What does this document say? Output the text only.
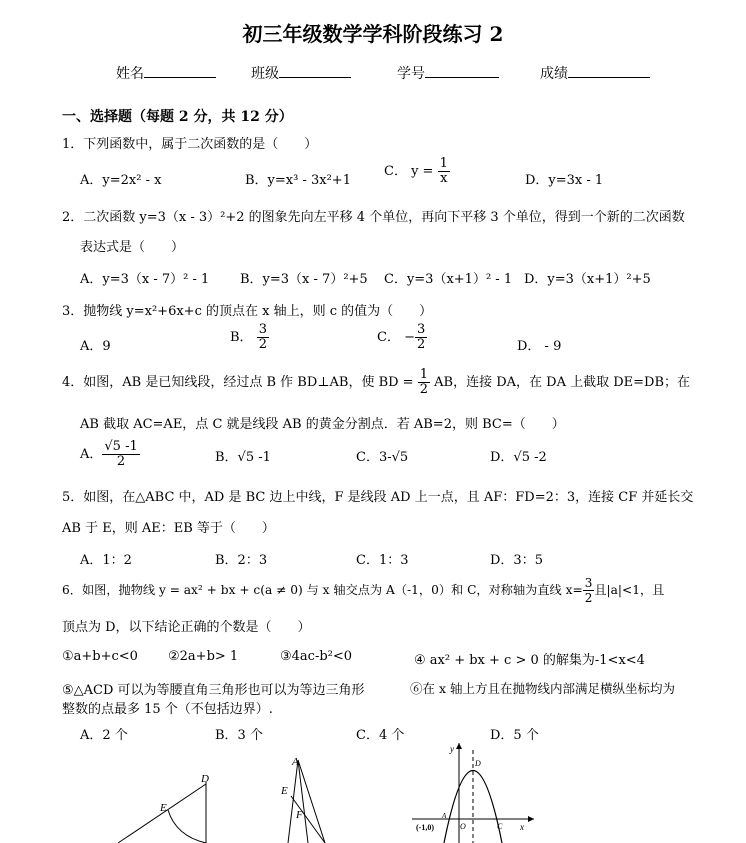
初三年级数学学科阶段练习 2
姓名	班级	学号	成绩
一、选择题（每题 2 分，共 12 分）
1．下列函数中，属于二次函数的是（　　）
A．y=2x² - x	B．y=x³ - 3x²+1
C． $y = \frac{1}{x}$	D．y=3x - 1
2．二次函数 y=3（x - 3）²+2 的图象先向左平移 4 个单位，再向下平移 3 个单位，得到一个新的二次函数
表达式是（　　）
A．y=3（x - 7）² - 1 B．y=3（x - 7）²+5 C．y=3（x+1）² - 1 D．y=3（x+1）²+5
3．抛物线 y=x²+6x+c 的顶点在 x 轴上，则 c 的值为（　　）
A．9
B． $\frac{3}{2}$	C． − $\frac{3}{2}$	D． - 9
4．如图，AB 是已知线段，经过点 B 作 BD⊥AB，使 BD = $\frac{1}{2}$ AB，连接 DA，在 DA 上截取 DE=DB；在
AB 截取 AC=AE，点 C 就是线段 AB 的黄金分割点．若 AB=2，则 BC=（　　）
A． $\frac{√5 -1}{2}$	B．√5 -1	C．3-√5	D．√5 -2
5．如图，在△ABC 中，AD 是 BC 边上中线，F 是线段 AD 上一点，且 AF：FD=2：3，连接 CF 并延长交
AB 于 E，则 AE：EB 等于（　　）
A．1：2	B．2：3	C．1：3	D．3：5
6．如图，抛物线 y = ax² + bx + c(a ≠ 0) 与 x 轴交点为 A（-1，0）和 C，对称轴为直线 $x= \frac{3}{2}$ 且|a|<1，且
顶点为 D，以下结论正确的个数是（　　）
①a+b+c<0 ②2a+b> 1	③4ac-b²<0	④ ax² + bx + c > 0 的解集为-1<x<4
⑤△ACD 可以为等腰直角三角形也可以为等边三角形	⑥在 x 轴上方且在抛物线内部满足横纵坐标均为
整数的点最多 15 个（不包括边界）.
A．2 个	B．3 个	C．4 个	D．5 个
D
E
A
E
F
y
D
(-1,0)
A
O	C x
